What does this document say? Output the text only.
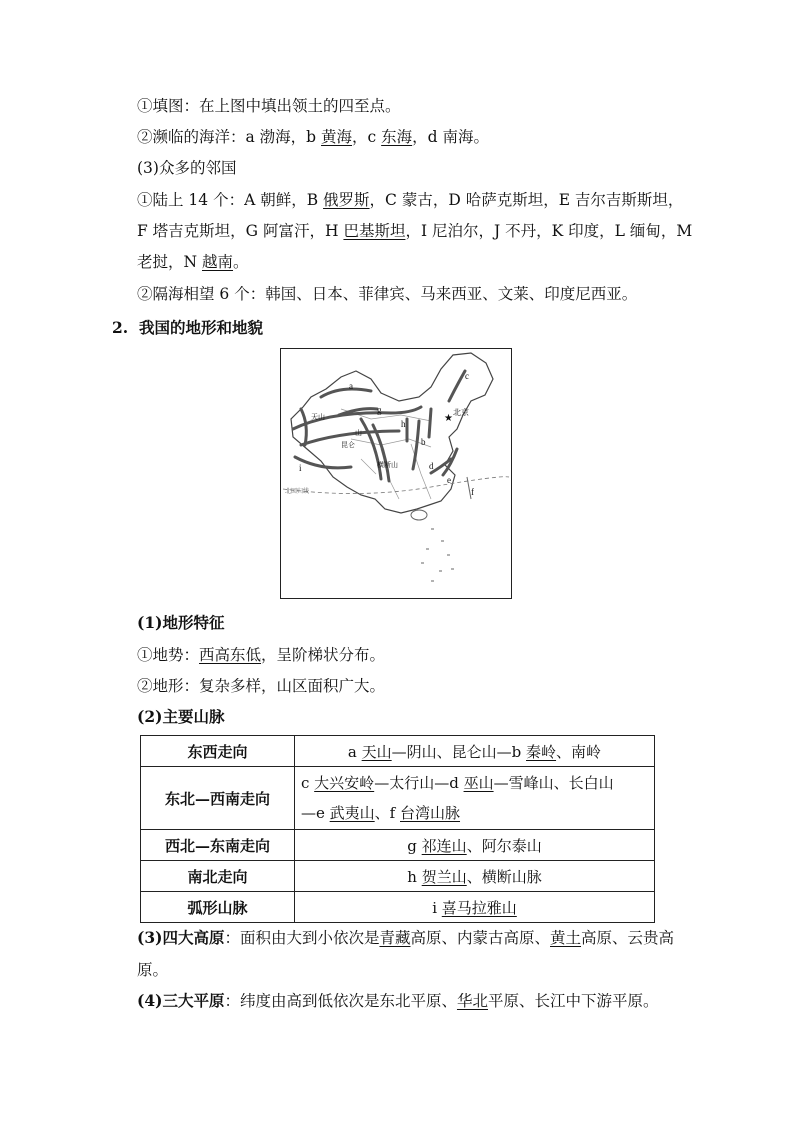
①填图：在上图中填出领土的四至点。
②濒临的海洋：a 渤海，b 黄海，c 东海，d 南海。
(3)众多的邻国
①陆上 14 个：A 朝鲜，B 俄罗斯，C 蒙古，D 哈萨克斯坦，E 吉尔吉斯斯坦，
F 塔吉克斯坦，G 阿富汗，H 巴基斯坦，I 尼泊尔，J 不丹，K 印度，L 缅甸，M
老挝，N 越南。
②隔海相望 6 个：韩国、日本、菲律宾、马来西亚、文莱、印度尼西亚。
2. 我国的地形和地貌
★
北京
北回归线
a
b
c
d
e
f
g
h
i
天山
昆仑
山
横断山
(1)地形特征
①地势：西高东低，呈阶梯状分布。
②地形：复杂多样，山区面积广大。
(2)主要山脉
东西走向	a 天山—阴山、昆仑山—b 秦岭、南岭
东北—西南走向	c 大兴安岭—太行山—d 巫山—雪峰山、长白山
—e 武夷山、f 台湾山脉

西北—东南走向	g 祁连山、阿尔泰山
南北走向	h 贺兰山、横断山脉
弧形山脉	i 喜马拉雅山
(3)四大高原：面积由大到小依次是青藏高原、内蒙古高原、黄土高原、云贵高
原。
(4)三大平原：纬度由高到低依次是东北平原、华北平原、长江中下游平原。
